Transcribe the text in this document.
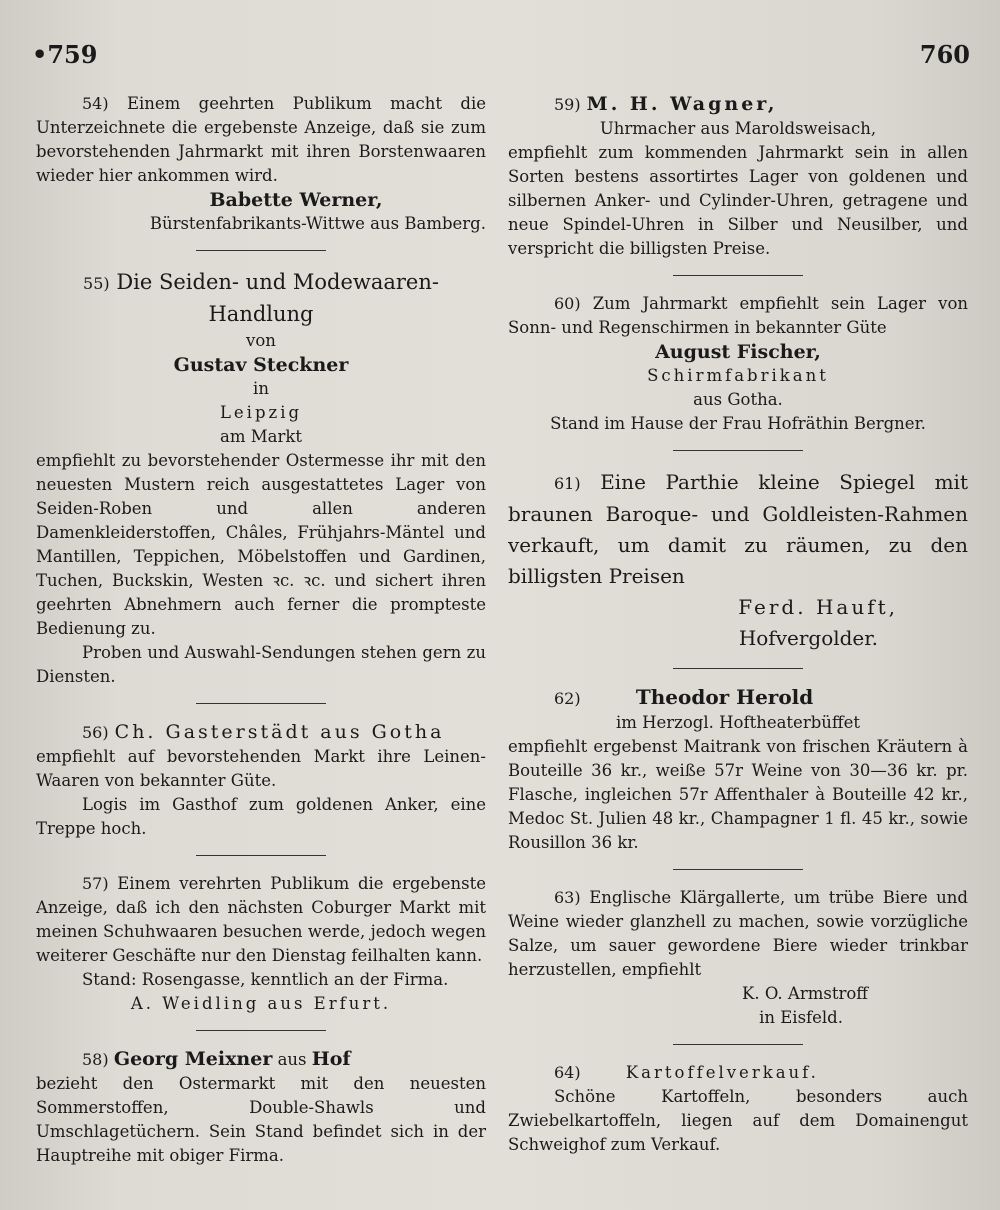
•759	760

54) Einem geehrten Publikum macht die Unterzeichnete die ergebenste Anzeige, daß sie zum bevorstehenden Jahrmarkt mit ihren Borstenwaaren wieder hier ankommen wird.

Babette Werner,

Bürstenfabrikants-Wittwe aus Bamberg.

55) Die Seiden- und Modewaaren-

Handlung

von

Gustav Steckner

in

Leipzig

am Markt

empfiehlt zu bevorstehender Ostermesse ihr mit den neuesten Mustern reich ausgestattetes Lager von Seiden-Roben und allen anderen Damenkleiderstoffen, Châles, Frühjahrs-Mäntel und Mantillen, Teppichen, Möbelstoffen und Gardinen, Tuchen, Buckskin, Westen ꝛc. ꝛc. und sichert ihren geehrten Abnehmern auch ferner die prompteste Bedienung zu.

Proben und Auswahl-Sendungen stehen gern zu Diensten.

56) Ch. Gasterstädt aus Gotha

empfiehlt auf bevorstehenden Markt ihre Leinen-Waaren von bekannter Güte.

Logis im Gasthof zum goldenen Anker, eine Treppe hoch.

57) Einem verehrten Publikum die ergebenste Anzeige, daß ich den nächsten Coburger Markt mit meinen Schuhwaaren besuchen werde, jedoch wegen weiterer Geschäfte nur den Dienstag feilhalten kann.

Stand: Rosengasse, kenntlich an der Firma.

A. Weidling aus Erfurt.

58) Georg Meixner aus Hof

bezieht den Ostermarkt mit den neuesten Sommerstoffen, Double-Shawls und Umschlagetüchern. Sein Stand befindet sich in der Hauptreihe mit obiger Firma.

59) M. H. Wagner,

Uhrmacher aus Maroldsweisach,

empfiehlt zum kommenden Jahrmarkt sein in allen Sorten bestens assortirtes Lager von goldenen und silbernen Anker- und Cylinder-Uhren, getragene und neue Spindel-Uhren in Silber und Neusilber, und verspricht die billigsten Preise.

60) Zum Jahrmarkt empfiehlt sein Lager von Sonn- und Regenschirmen in bekannter Güte

August Fischer,

Schirmfabrikant

aus Gotha.

Stand im Hause der Frau Hofräthin Bergner.

61) Eine Parthie kleine Spiegel mit braunen Baroque- und Goldleisten-Rahmen verkauft, um damit zu räumen, zu den billigsten Preisen

Ferd. Hauft,

Hofvergolder.

62)	Theodor Herold

im Herzogl. Hoftheaterbüffet

empfiehlt ergebenst Maitrank von frischen Kräutern à Bouteille 36 kr., weiße 57r Weine von 30—36 kr. pr. Flasche, ingleichen 57r Affenthaler à Bouteille 42 kr., Medoc St. Julien 48 kr., Champagner 1 fl. 45 kr., sowie Rousillon 36 kr.

63) Englische Klärgallerte, um trübe Biere und Weine wieder glanzhell zu machen, sowie vorzügliche Salze, um sauer gewordene Biere wieder trinkbar herzustellen, empfiehlt

K. O. Armstroff

in Eisfeld.

64)	Kartoffelverkauf.

Schöne Kartoffeln, besonders auch Zwiebelkartoffeln, liegen auf dem Domainengut Schweighof zum Verkauf.
